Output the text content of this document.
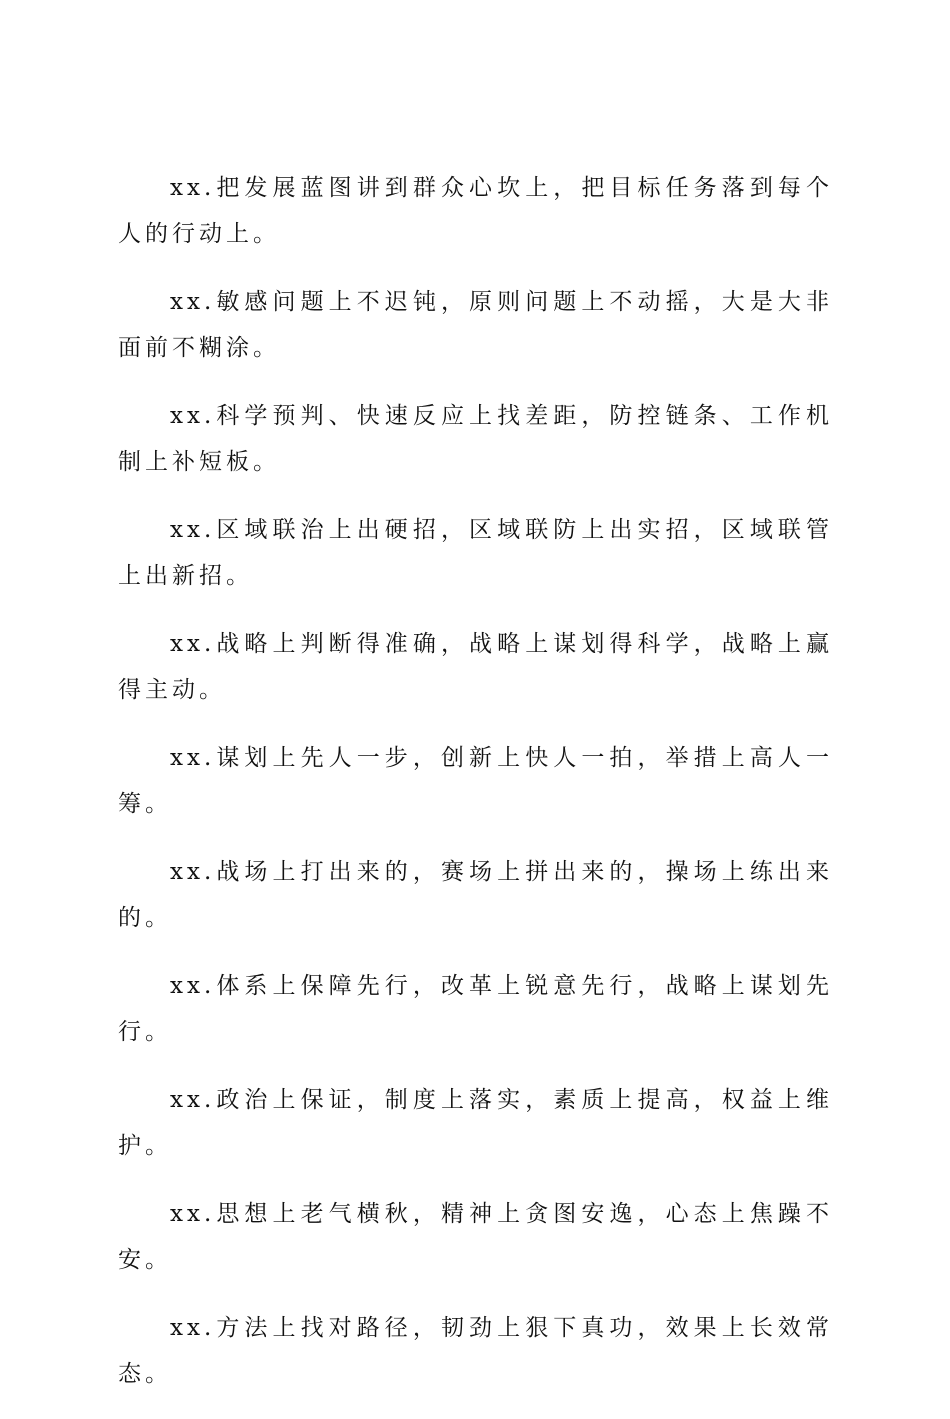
xx.把发展蓝图讲到群众心坎上，把目标任务落到每个人的行动上。

xx.敏感问题上不迟钝，原则问题上不动摇，大是大非面前不糊涂。

xx.科学预判、快速反应上找差距，防控链条、工作机制上补短板。

xx.区域联治上出硬招，区域联防上出实招，区域联管上出新招。

xx.战略上判断得准确，战略上谋划得科学，战略上赢得主动。

xx.谋划上先人一步，创新上快人一拍，举措上高人一筹。

xx.战场上打出来的，赛场上拼出来的，操场上练出来的。

xx.体系上保障先行，改革上锐意先行，战略上谋划先行。

xx.政治上保证，制度上落实，素质上提高，权益上维护。

xx.思想上老气横秋，精神上贪图安逸，心态上焦躁不安。

xx.方法上找对路径，韧劲上狠下真功，效果上长效常态。
